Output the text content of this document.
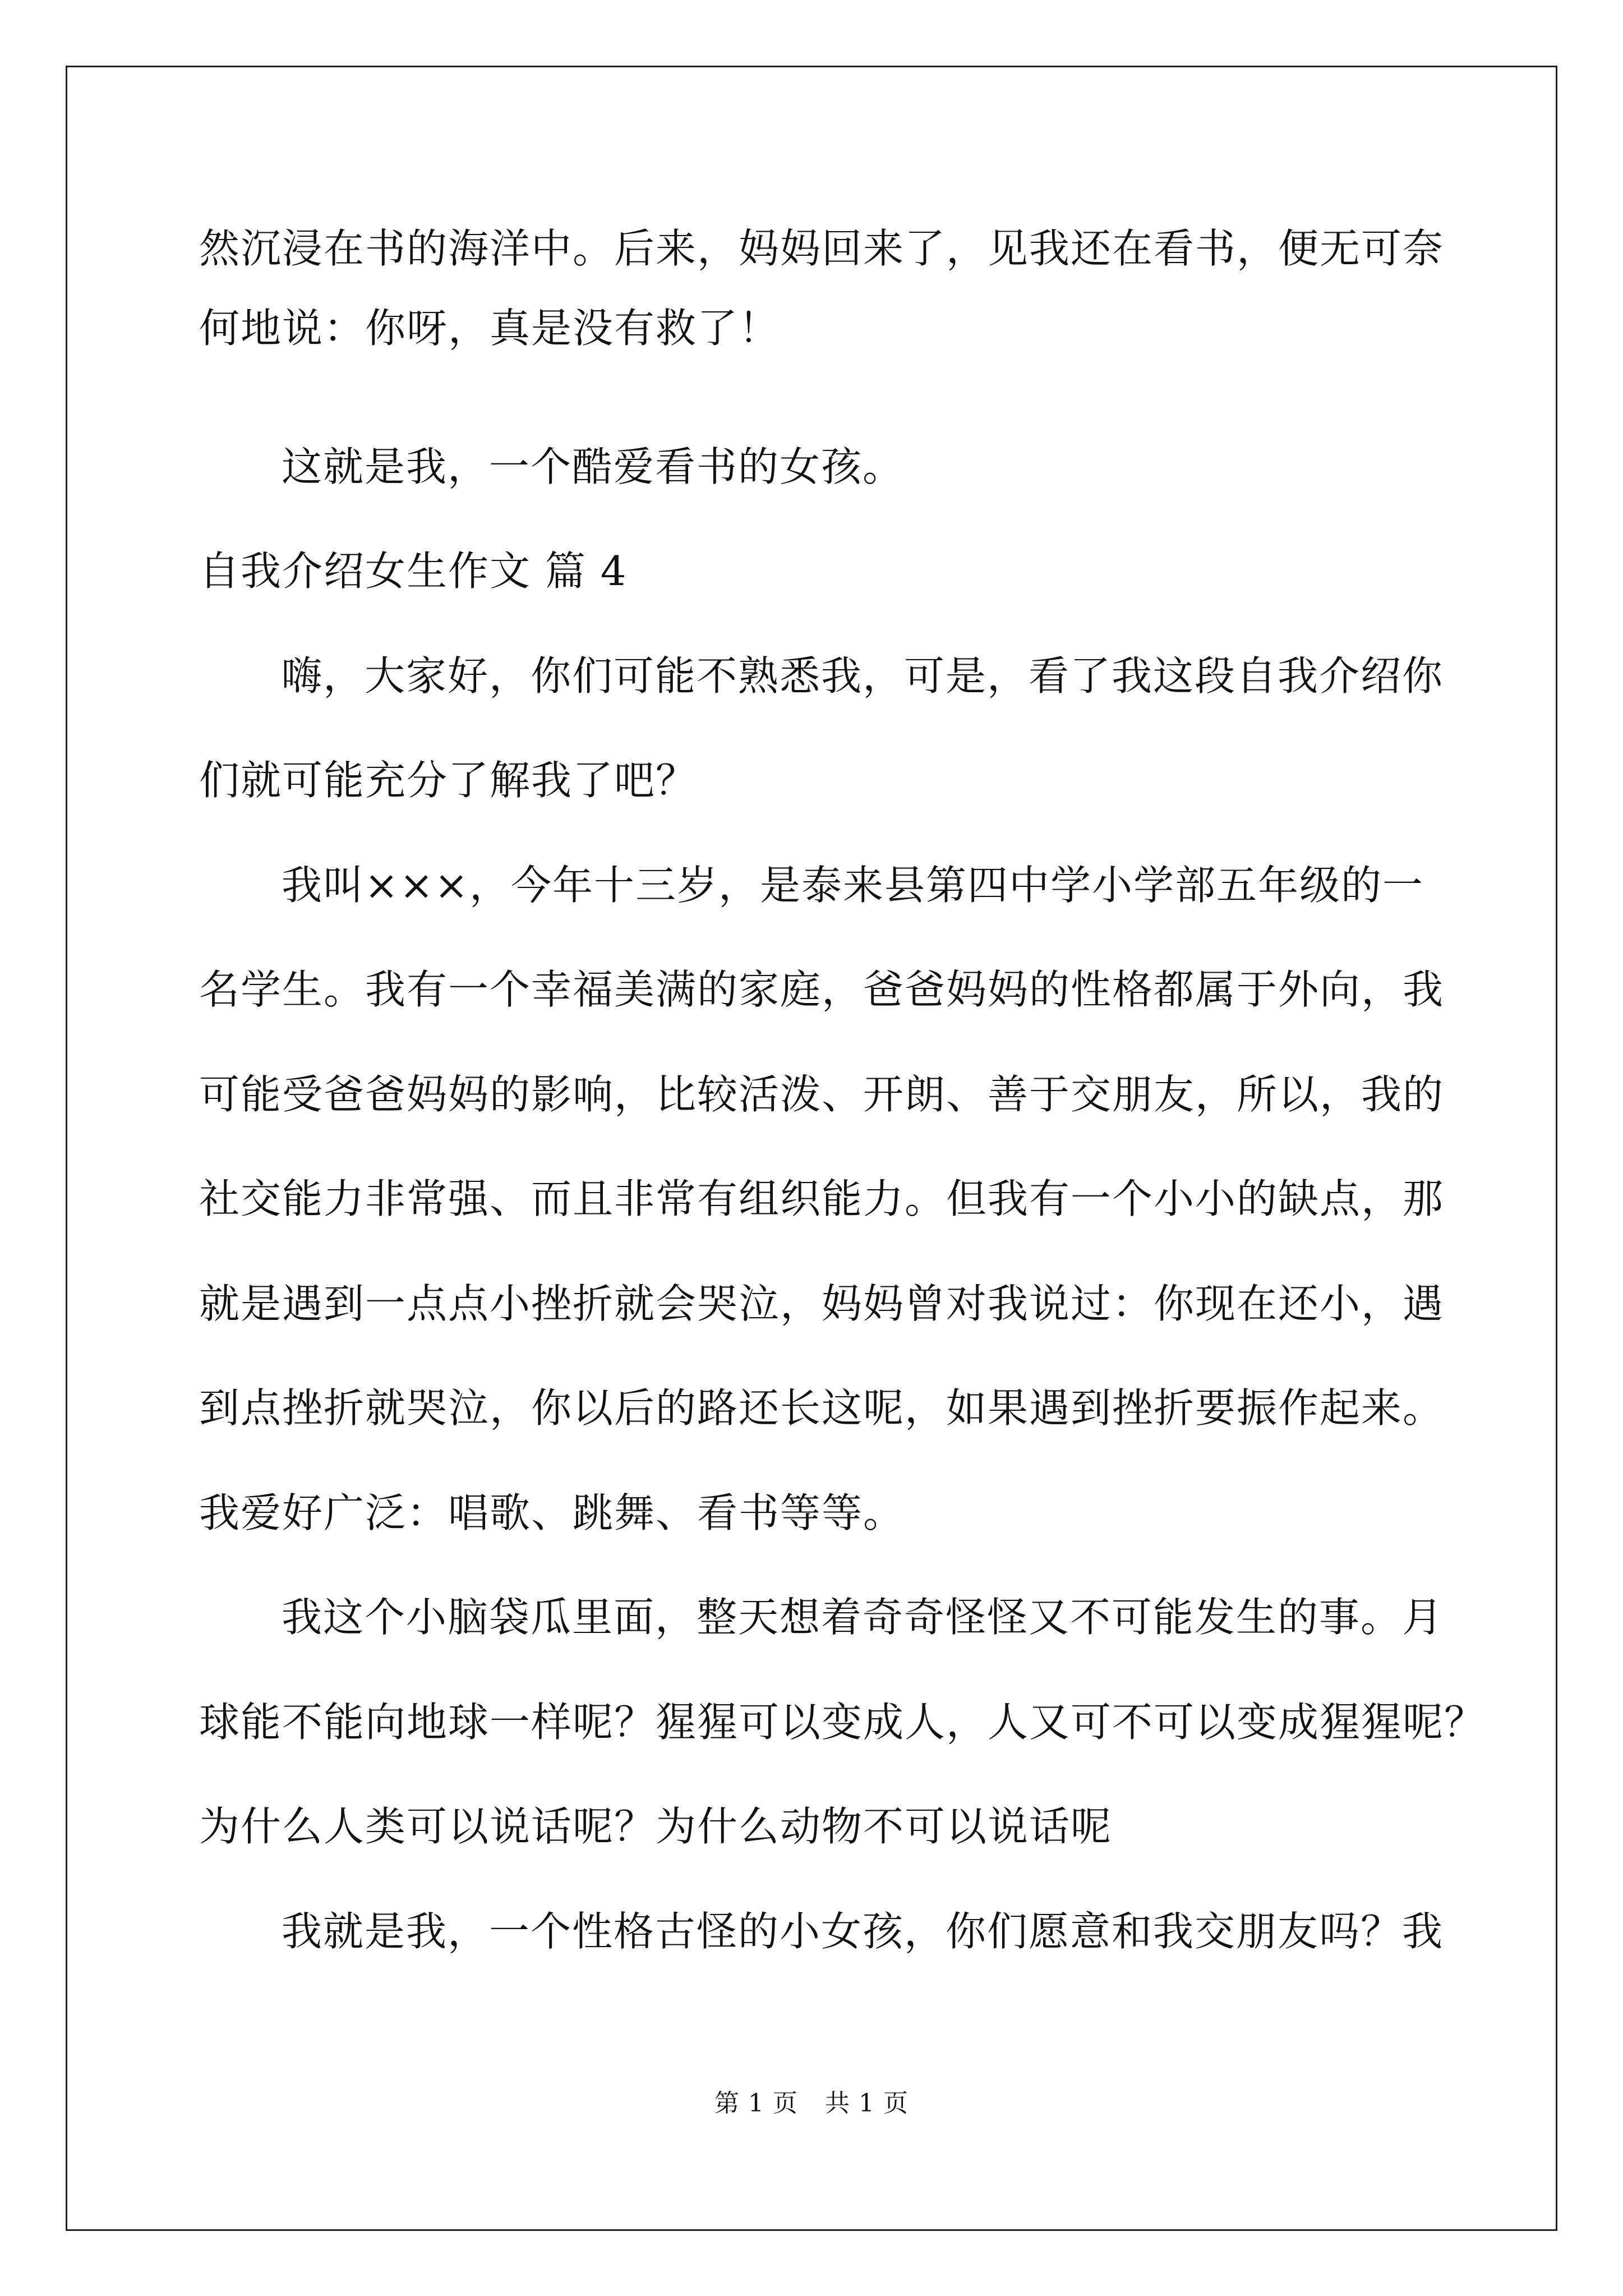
然沉浸在书的海洋中。后来，妈妈回来了，见我还在看书，便无可奈
何地说：你呀，真是没有救了！
这就是我，一个酷爱看书的女孩。
自我介绍女生作文 篇 4
嗨，大家好，你们可能不熟悉我，可是，看了我这段自我介绍你
们就可能充分了解我了吧？
我叫×××，今年十三岁，是泰来县第四中学小学部五年级的一
名学生。我有一个幸福美满的家庭，爸爸妈妈的性格都属于外向，我
可能受爸爸妈妈的影响，比较活泼、开朗、善于交朋友，所以，我的
社交能力非常强、而且非常有组织能力。但我有一个小小的缺点，那
就是遇到一点点小挫折就会哭泣，妈妈曾对我说过：你现在还小，遇
到点挫折就哭泣，你以后的路还长这呢，如果遇到挫折要振作起来。
我爱好广泛：唱歌、跳舞、看书等等。
我这个小脑袋瓜里面，整天想着奇奇怪怪又不可能发生的事。月
球能不能向地球一样呢？猩猩可以变成人，人又可不可以变成猩猩呢？
为什么人类可以说话呢？为什么动物不可以说话呢
我就是我，一个性格古怪的小女孩，你们愿意和我交朋友吗？我
第 1 页 共 1 页
